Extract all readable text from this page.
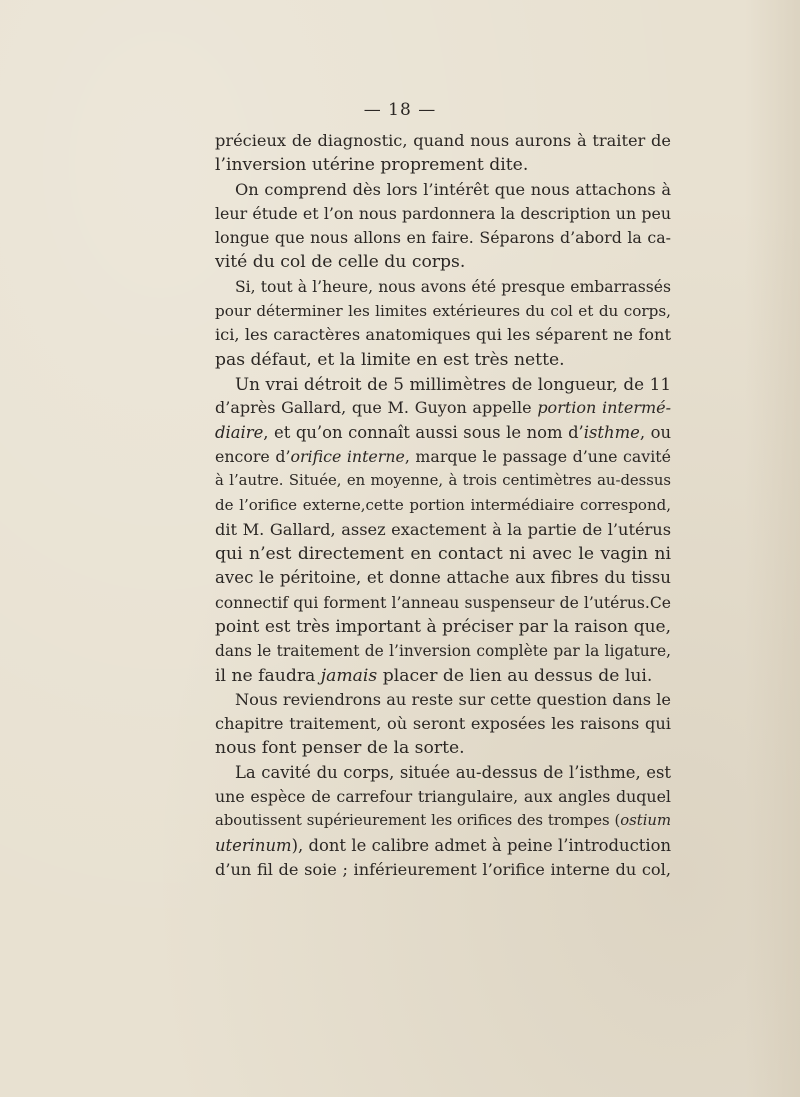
— 18 —
précieux de diagnostic, quand nous aurons à traiter de
l’inversion utérine proprement dite.
On comprend dès lors l’intérêt que nous attachons à
leur étude et l’on nous pardonnera la description un peu
longue que nous allons en faire. Séparons d’abord la ca-
vité du col de celle du corps.
Si, tout à l’heure, nous avons été presque embarrassés
pour déterminer les limites extérieures du col et du corps,
ici, les caractères anatomiques qui les séparent ne font
pas défaut, et la limite en est très nette.
Un vrai détroit de 5 millimètres de longueur, de 11
d’après Gallard, que M. Guyon appelle portion intermé-
diaire, et qu’on connaît aussi sous le nom d’isthme, ou
encore d’orifice interne, marque le passage d’une cavité
à l’autre. Située, en moyenne, à trois centimètres au-dessus
de l’orifice externe,cette portion intermédiaire correspond,
dit M. Gallard, assez exactement à la partie de l’utérus
qui n’est directement en contact ni avec le vagin ni
avec le péritoine, et donne attache aux fibres du tissu
connectif qui forment l’anneau suspenseur de l’utérus.Ce
point est très important à préciser par la raison que,
dans le traitement de l’inversion complète par la ligature,
il ne faudra jamais placer de lien au dessus de lui.
Nous reviendrons au reste sur cette question dans le
chapitre traitement, où seront exposées les raisons qui
nous font penser de la sorte.
La cavité du corps, située au-dessus de l’isthme, est
une espèce de carrefour triangulaire, aux angles duquel
aboutissent supérieurement les orifices des trompes (ostium
uterinum), dont le calibre admet à peine l’introduction
d’un fil de soie ; inférieurement l’orifice interne du col,
